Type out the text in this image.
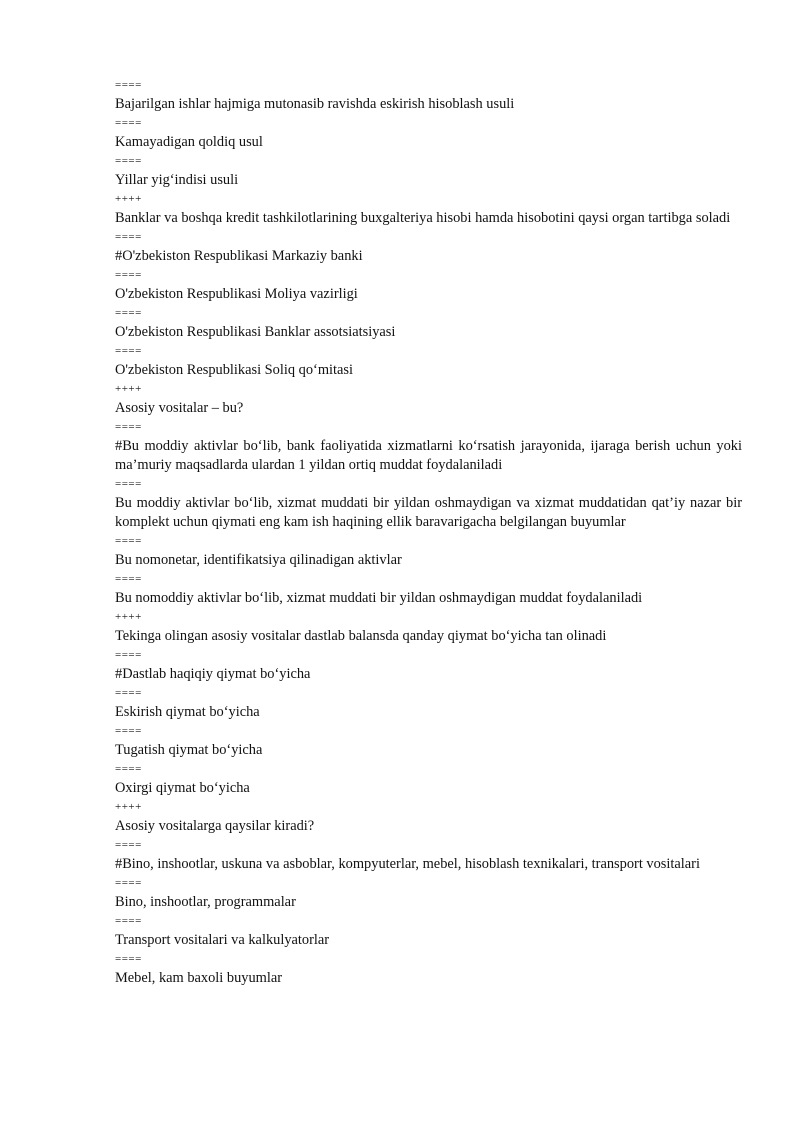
====
Bajarilgan ishlar hajmiga mutonasib ravishda eskirish hisoblash usuli
====
Kamayadigan qoldiq usul
====
Yillar yig‘indisi usuli
++++
Banklar va boshqa kredit tashkilotlarining buxgalteriya hisobi hamda hisobotini qaysi organ tartibga soladi
====
#O'zbekiston Respublikasi Markaziy banki
====
O'zbekiston Respublikasi Moliya vazirligi
====
O'zbekiston Respublikasi Banklar assotsiatsiyasi
====
O'zbekiston Respublikasi Soliq qo‘mitasi
++++
Asosiy vositalar – bu?
====
#Bu moddiy aktivlar bo‘lib, bank faoliyatida xizmatlarni ko‘rsatish jarayonida, ijaraga berish uchun yoki ma’muriy maqsadlarda ulardan 1 yildan ortiq muddat foydalaniladi
====
Bu moddiy aktivlar bo‘lib, xizmat muddati bir yildan oshmaydigan va xizmat muddatidan qat’iy nazar bir komplekt uchun qiymati eng kam ish haqining ellik baravarigacha belgilangan buyumlar
====
Bu nomonetar, identifikatsiya qilinadigan aktivlar
====
Bu nomoddiy aktivlar bo‘lib, xizmat muddati bir yildan oshmaydigan muddat foydalaniladi
++++
Tekinga olingan asosiy vositalar dastlab balansda qanday qiymat bo‘yicha tan olinadi
====
#Dastlab haqiqiy qiymat bo‘yicha
====
Eskirish qiymat bo‘yicha
====
Tugatish qiymat bo‘yicha
====
Oxirgi qiymat bo‘yicha
++++
Asosiy vositalarga qaysilar kiradi?
====
#Bino, inshootlar, uskuna va asboblar, kompyuterlar, mebel, hisoblash texnikalari, transport vositalari
====
Bino, inshootlar, programmalar
====
Transport vositalari va kalkulyatorlar
====
Mebel, kam baxoli buyumlar
